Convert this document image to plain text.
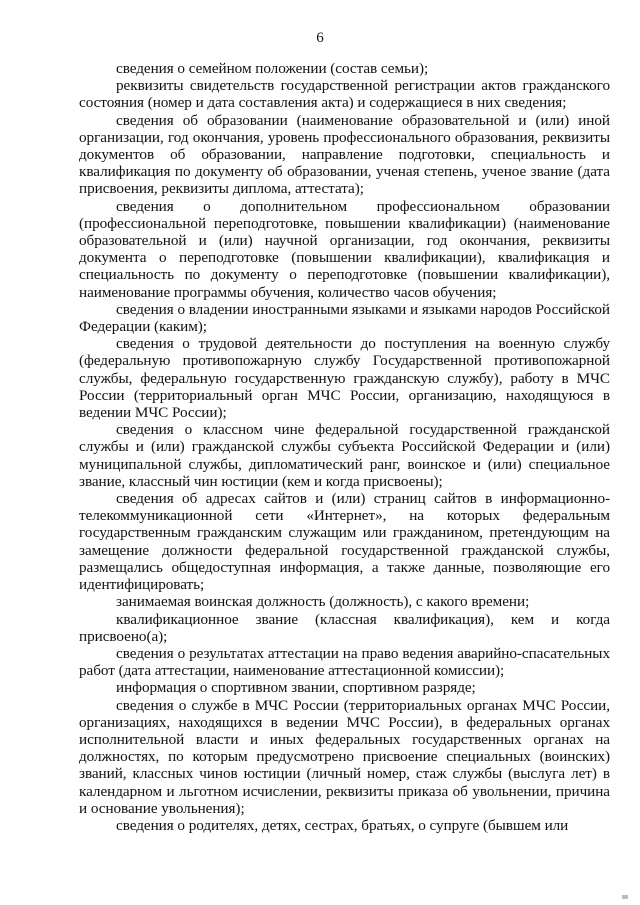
6

сведения о семейном положении (состав семьи);

реквизиты свидетельств государственной регистрации актов гражданского состояния (номер и дата составления акта) и содержащиеся в них сведения;

сведения об образовании (наименование образовательной и (или) иной организации, год окончания, уровень профессионального образования, реквизиты документов об образовании, направление подготовки, специальность и квалификация по документу об образовании, ученая степень, ученое звание (дата присвоения, реквизиты диплома, аттестата);

сведения о дополнительном профессиональном образовании (профессиональной переподготовке, повышении квалификации) (наименование образовательной и (или) научной организации, год окончания, реквизиты документа о переподготовке (повышении квалификации), квалификация и специальность по документу о переподготовке (повышении квалификации), наименование программы обучения, количество часов обучения;

сведения о владении иностранными языками и языками народов Российской Федерации (каким);

сведения о трудовой деятельности до поступления на военную службу (федеральную противопожарную службу Государственной противопожарной службы, федеральную государственную гражданскую службу), работу в МЧС России (территориальный орган МЧС России, организацию, находящуюся в ведении МЧС России);

сведения о классном чине федеральной государственной гражданской службы и (или) гражданской службы субъекта Российской Федерации и (или) муниципальной службы, дипломатический ранг, воинское и (или) специальное звание, классный чин юстиции (кем и когда присвоены);

сведения об адресах сайтов и (или) страниц сайтов в информационно-телекоммуникационной сети «Интернет», на которых федеральным государственным гражданским служащим или гражданином, претендующим на замещение должности федеральной государственной гражданской службы, размещались общедоступная информация, а также данные, позволяющие его идентифицировать;

занимаемая воинская должность (должность), с какого времени;

квалификационное звание (классная квалификация), кем и когда присвоено(а);

сведения о результатах аттестации на право ведения аварийно-спасательных работ (дата аттестации, наименование аттестационной комиссии);

информация о спортивном звании, спортивном разряде;

сведения о службе в МЧС России (территориальных органах МЧС России, организациях, находящихся в ведении МЧС России), в федеральных органах исполнительной власти и иных федеральных государственных органах на должностях, по которым предусмотрено присвоение специальных (воинских) званий, классных чинов юстиции (личный номер, стаж службы (выслуга лет) в календарном и льготном исчислении, реквизиты приказа об увольнении, причина и основание увольнения);

сведения о родителях, детях, сестрах, братьях, о супруге (бывшем или
